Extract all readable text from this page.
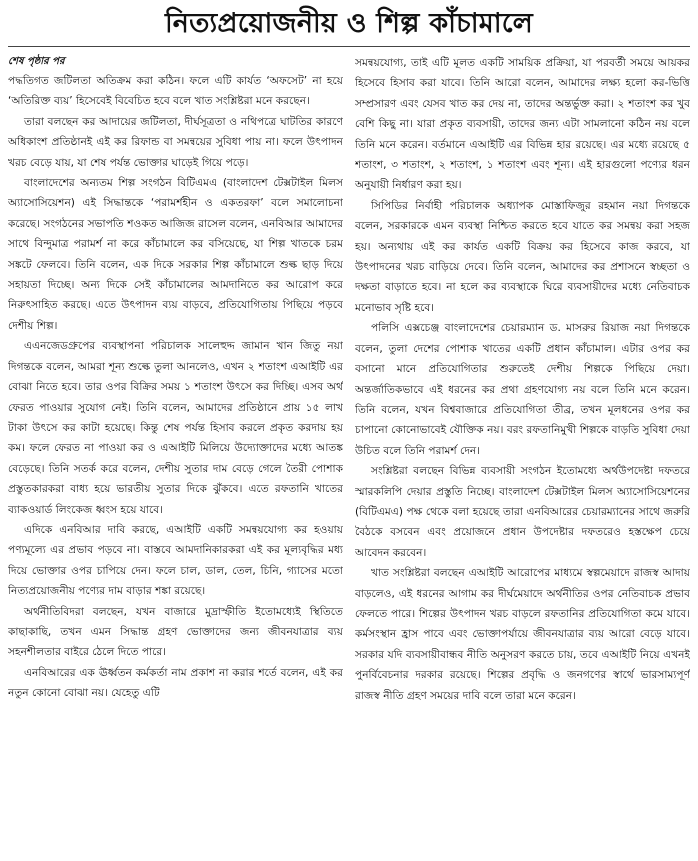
নিত্যপ্রয়োজনীয় ও শিল্প কাঁচামালে
শেষ পৃষ্ঠার পর

পদ্ধতিগত জটিলতা অতিক্রম করা কঠিন। ফলে এটি কার্যত ‘অফসেট’ না হয়ে ‘অতিরিক্ত ব্যয়’ হিসেবেই বিবেচিত হবে বলে খাত সংশ্লিষ্টরা মনে করছেন।

তারা বলছেন কর আদায়ের জটিলতা, দীর্ঘসূত্রতা ও নথিপত্রে ঘাটতির কারণে অধিকাংশ প্রতিষ্ঠানই এই কর রিফান্ড বা সমন্বয়ের সুবিধা পায় না। ফলে উৎপাদন খরচ বেড়ে যায়, যা শেষ পর্যন্ত ভোক্তার ঘাড়েই গিয়ে পড়ে।

বাংলাদেশের অন্যতম শিল্প সংগঠন বিটিএমএ (বাংলাদেশ টেক্সটাইল মিলস অ্যাসোসিয়েশন) এই সিদ্ধান্তকে ‘পরামর্শহীন ও একতরফা’ বলে সমালোচনা করেছে। সংগঠনের সভাপতি শওকত আজিজ রাসেল বলেন, এনবিআর আমাদের সাথে বিন্দুমাত্র পরামর্শ না করে কাঁচামালে কর বসিয়েছে, যা শিল্প খাতকে চরম সঙ্কটে ফেলবে। তিনি বলেন, এক দিকে সরকার শিল্প কাঁচামালে শুল্ক ছাড় দিয়ে সহায়তা দিচ্ছে। অন্য দিকে সেই কাঁচামালের আমদানিতে কর আরোপ করে নিরুৎসাহিত করছে। এতে উৎপাদন ব্যয় বাড়বে, প্রতিযোগিতায় পিছিয়ে পড়বে দেশীয় শিল্প।

এএনজেডগ্রুপের ব্যবস্থাপনা পরিচালক সালেহুদ্দ জামান খান জিতু নয়া দিগন্তকে বলেন, আমরা শূন্য শুল্কে তুলা আনলেও, এখন ২ শতাংশ এআইটি এর বোঝা নিতে হবে। তার ওপর বিক্রির সময় ১ শতাংশ উৎসে কর দিচ্ছি। এসব অর্থ ফেরত পাওয়ার সুযোগ নেই। তিনি বলেন, আমাদের প্রতিষ্ঠানে প্রায় ১৫ লাখ টাকা উৎসে কর কাটা হয়েছে। কিন্তু শেষ পর্যন্ত হিসাব করলে প্রকৃত করদায় হয় কম। ফলে ফেরত না পাওয়া কর ও এআইটি মিলিয়ে উদ্যোক্তাদের মধ্যে আতঙ্ক বেড়েছে। তিনি সতর্ক করে বলেন, দেশীয় সুতার দাম বেড়ে গেলে তৈরী পোশাক প্রস্তুতকারকরা বাধ্য হয়ে ভারতীয় সুতার দিকে ঝুঁকবে। এতে রফতানি খাতের ব্যাকওয়ার্ড লিংকেজ ধ্বংস হয়ে যাবে।

এদিকে এনবিআর দাবি করছে, এআইটি একটি সমন্বয়যোগ্য কর হওয়ায় পণ্যমূল্যে এর প্রভাব পড়বে না। বাস্তবে আমদানিকারকরা এই কর মূল্যবৃদ্ধির মধ্য দিয়ে ভোক্তার ওপর চাপিয়ে দেন। ফলে চাল, ডাল, তেল, চিনি, গ্যাসের মতো নিত্যপ্রয়োজনীয় পণ্যের দাম বাড়ার শঙ্কা রয়েছে।

অর্থনীতিবিদরা বলছেন, যখন বাজারে মুদ্রাস্ফীতি ইতোমধ্যেই স্থিতিতে কাছাকাছি, তখন এমন সিদ্ধান্ত গ্রহণ ভোক্তাদের জন্য জীবনযাত্রার ব্যয় সহনশীলতার বাইরে ঠেলে দিতে পারে।

এনবিআরের এক ঊর্ধ্বতন কর্মকর্তা নাম প্রকাশ না করার শর্তে বলেন, এই কর নতুন কোনো বোঝা নয়। যেহেতু এটি

সমন্বয়যোগ্য, তাই এটি মূলত একটি সাময়িক প্রক্রিয়া, যা পরবর্তী সময়ে আয়কর হিসেবে হিসাব করা যাবে। তিনি আরো বলেন, আমাদের লক্ষ্য হলো কর-ভিত্তি সম্প্রসারণ এবং যেসব খাত কর দেয় না, তাদের অন্তর্ভুক্ত করা। ২ শতাংশ কর খুব বেশি কিছু না। যারা প্রকৃত ব্যবসায়ী, তাদের জন্য এটা সামলানো কঠিন নয় বলে তিনি মনে করেন। বর্তমানে এআইটি এর বিভিন্ন হার রয়েছে। এর মধ্যে রয়েছে ৫ শতাংশ, ৩ শতাংশ, ২ শতাংশ, ১ শতাংশ এবং শূন্য। এই হারগুলো পণ্যের ধরন অনুযায়ী নির্ধারণ করা হয়।

সিপিডির নির্বাহী পরিচালক অধ্যাপক মোস্তাফিজুর রহমান নয়া দিগন্তকে বলেন, সরকারকে এমন ব্যবস্থা নিশ্চিত করতে হবে যাতে কর সমন্বয় করা সহজ হয়। অন্যথায় এই কর কার্যত একটি বিক্রয় কর হিসেবে কাজ করবে, যা উৎপাদনের খরচ বাড়িয়ে দেবে। তিনি বলেন, আমাদের কর প্রশাসনে স্বচ্ছতা ও দক্ষতা বাড়াতে হবে। না হলে কর ব্যবস্থাকে ঘিরে ব্যবসায়ীদের মধ্যে নেতিবাচক মনোভাব সৃষ্টি হবে।

পলিসি এক্সচেঞ্জ বাংলাদেশের চেয়ারম্যান ড. মাসরুর রিয়াজ নয়া দিগন্তকে বলেন, তুলা দেশের পোশাক খাতের একটি প্রধান কাঁচামাল। এটার ওপর কর বসানো মানে প্রতিযোগিতার শুরুতেই দেশীয় শিল্পকে পিছিয়ে দেয়া। অন্তর্জাতিকভাবে এই ধরনের কর প্রথা গ্রহণযোগ্য নয় বলে তিনি মনে করেন। তিনি বলেন, যখন বিশ্ববাজারে প্রতিযোগিতা তীব্র, তখন মূলধনের ওপর কর চাপানো কোনোভাবেই যৌক্তিক নয়। বরং রফতানিমুখী শিল্পকে বাড়তি সুবিধা দেয়া উচিত বলে তিনি পরামর্শ দেন।

সংশ্লিষ্টরা বলছেন বিভিন্ন ব্যবসায়ী সংগঠন ইতোমধ্যে অর্থউপদেষ্টা দফতরে স্মারকলিপি দেয়ার প্রস্তুতি নিচ্ছে। বাংলাদেশ টেক্সটাইল মিলস অ্যাসোসিয়েশনের (বিটিএমএ) পক্ষ থেকে বলা হয়েছে তারা এনবিআরের চেয়ারম্যানের সাথে জরুরি বৈঠকে বসবেন এবং প্রয়োজনে প্রধান উপদেষ্টার দফতরেও হস্তক্ষেপ চেয়ে আবেদন করবেন।

খাত সংশ্লিষ্টরা বলছেন এআইটি আরোপের মাধ্যমে স্বল্পমেয়াদে রাজস্ব আদায় বাড়লেও, এই ধরনের আগাম কর দীর্ঘমেয়াদে অর্থনীতির ওপর নেতিবাচক প্রভাব ফেলতে পারে। শিল্পের উৎপাদন খরচ বাড়লে রফতানির প্রতিযোগিতা কমে যাবে। কর্মসংস্থান হ্রাস পাবে এবং ভোক্তাপর্যায়ে জীবনযাত্রার ব্যয় আরো বেড়ে যাবে। সরকার যদি ব্যবসায়ীবান্ধব নীতি অনুসরণ করতে চায়, তবে এআইটি নিয়ে এখনই পুনর্বিবেচনার দরকার রয়েছে। শিল্পের প্রবৃদ্ধি ও জনগণের স্বার্থে ভারসাম্যপূর্ণ রাজস্ব নীতি গ্রহণ সময়ের দাবি বলে তারা মনে করেন।
